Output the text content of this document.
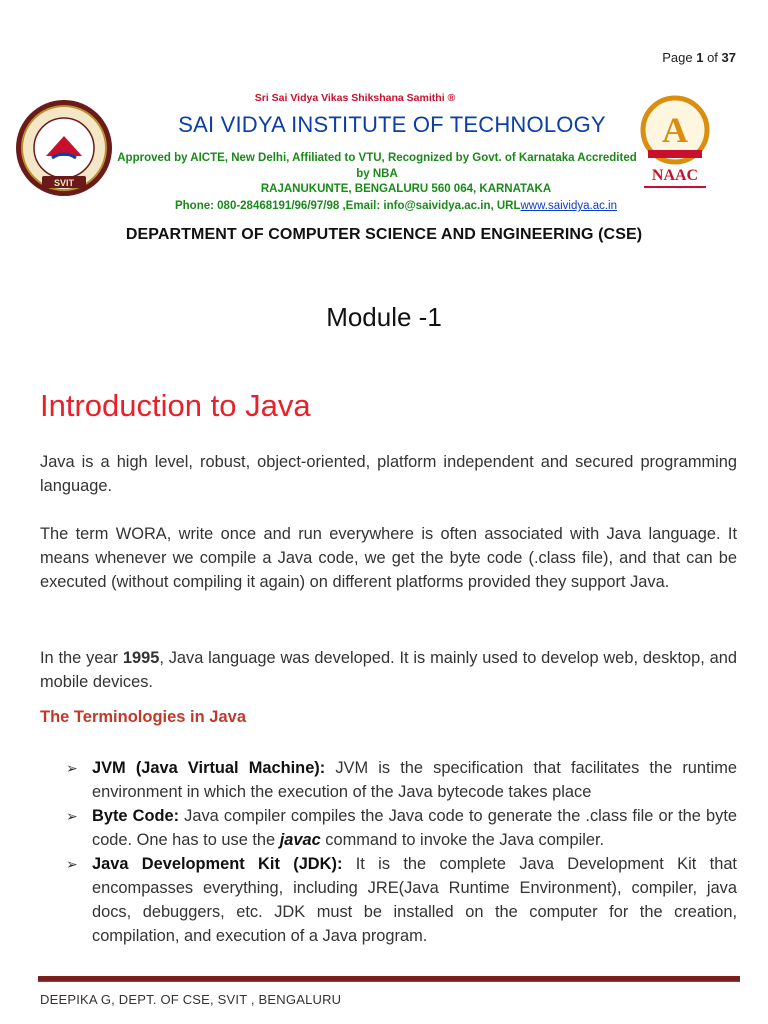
Page 1 of 37
SVIT
A
NAAC
Sri Sai Vidya Vikas Shikshana Samithi ®
SAI VIDYA INSTITUTE OF TECHNOLOGY
Approved by AICTE, New Delhi, Affiliated to VTU, Recognized by Govt. of Karnataka Accredited
by NBA
RAJANUKUNTE, BENGALURU 560 064, KARNATAKA
Phone: 080-28468191/96/97/98 ,Email: info@saividya.ac.in, URLwww.saividya.ac.in
DEPARTMENT OF COMPUTER SCIENCE AND ENGINEERING (CSE)
Module -1
Introduction to Java
Java is a high level, robust, object-oriented, platform independent and secured programming language.
The term WORA, write once and run everywhere is often associated with Java language. It means whenever we compile a Java code, we get the byte code (.class file), and that can be executed (without compiling it again) on different platforms provided they support Java.
In the year 1995, Java language was developed. It is mainly used to develop web, desktop, and mobile devices.
The Terminologies in Java
➢ JVM (Java Virtual Machine): JVM is the specification that facilitates the runtime environment in which the execution of the Java bytecode takes place
➢ Byte Code: Java compiler compiles the Java code to generate the .class file or the byte code. One has to use the javac command to invoke the Java compiler.
➢ Java Development Kit (JDK): It is the complete Java Development Kit that encompasses everything, including JRE(Java Runtime Environment), compiler, java docs, debuggers, etc. JDK must be installed on the computer for the creation, compilation, and execution of a Java program.
DEEPIKA G, DEPT. OF CSE, SVIT , BENGALURU
